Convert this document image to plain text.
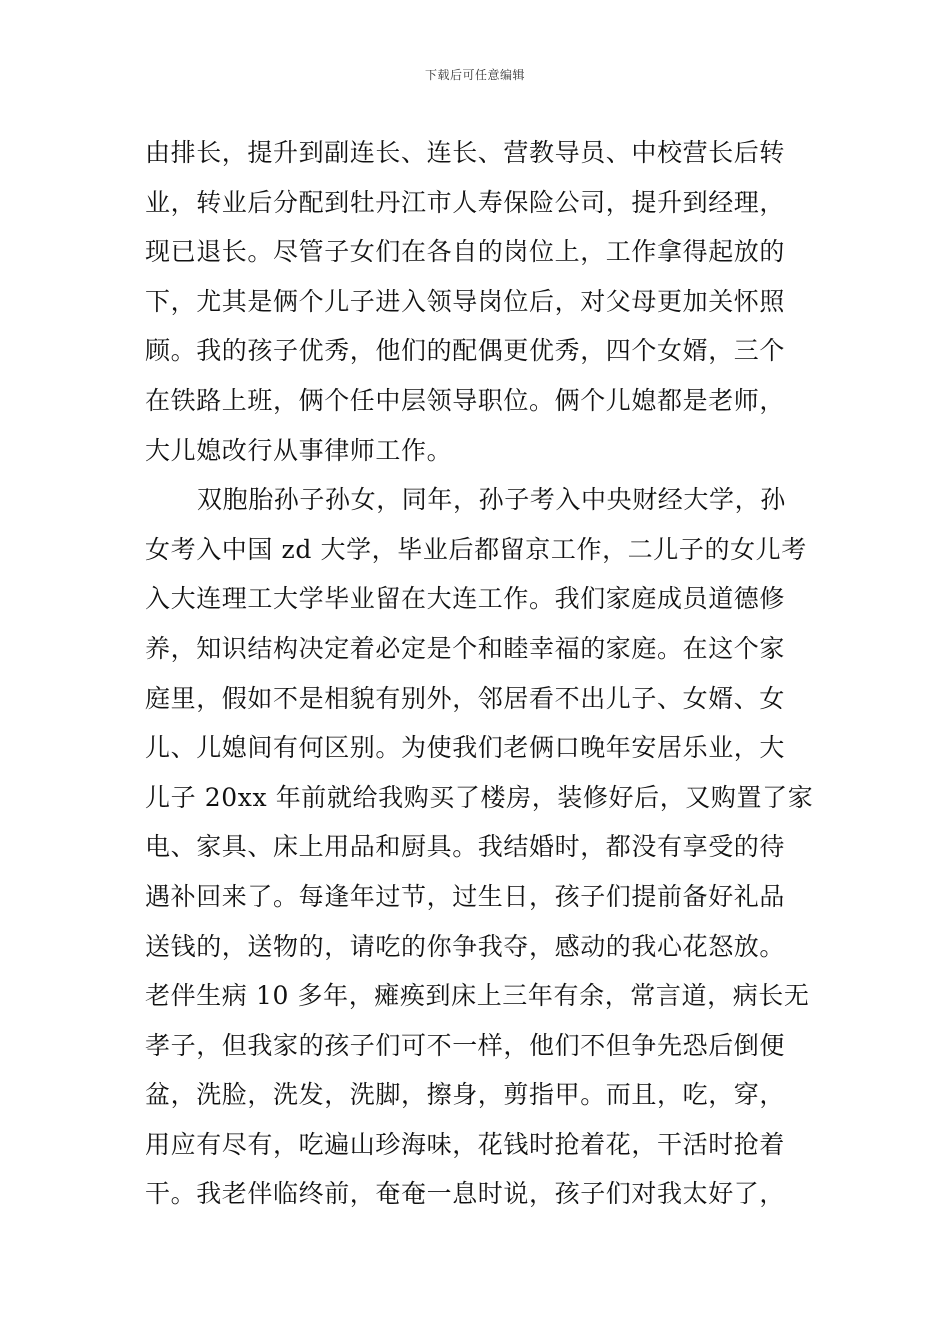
下载后可任意编辑
由排长，提升到副连长、连长、营教导员、中校营长后转
业，转业后分配到牡丹江市人寿保险公司，提升到经理，
现已退长。尽管子女们在各自的岗位上，工作拿得起放的
下，尤其是俩个儿子进入领导岗位后，对父母更加关怀照
顾。我的孩子优秀，他们的配偶更优秀，四个女婿，三个
在铁路上班，俩个任中层领导职位。俩个儿媳都是老师，
大儿媳改行从事律师工作。
双胞胎孙子孙女，同年，孙子考入中央财经大学，孙
女考入中国 zd 大学，毕业后都留京工作，二儿子的女儿考
入大连理工大学毕业留在大连工作。我们家庭成员道德修
养，知识结构决定着必定是个和睦幸福的家庭。在这个家
庭里，假如不是相貌有别外，邻居看不出儿子、女婿、女
儿、儿媳间有何区别。为使我们老俩口晚年安居乐业，大
儿子 20xx 年前就给我购买了楼房，装修好后，又购置了家
电、家具、床上用品和厨具。我结婚时，都没有享受的待
遇补回来了。每逢年过节，过生日，孩子们提前备好礼品
送钱的，送物的，请吃的你争我夺，感动的我心花怒放。
老伴生病 10 多年，瘫痪到床上三年有余，常言道，病长无
孝子，但我家的孩子们可不一样，他们不但争先恐后倒便
盆，洗脸，洗发，洗脚，擦身，剪指甲。而且，吃，穿，
用应有尽有，吃遍山珍海味，花钱时抢着花，干活时抢着
干。我老伴临终前，奄奄一息时说，孩子们对我太好了，
